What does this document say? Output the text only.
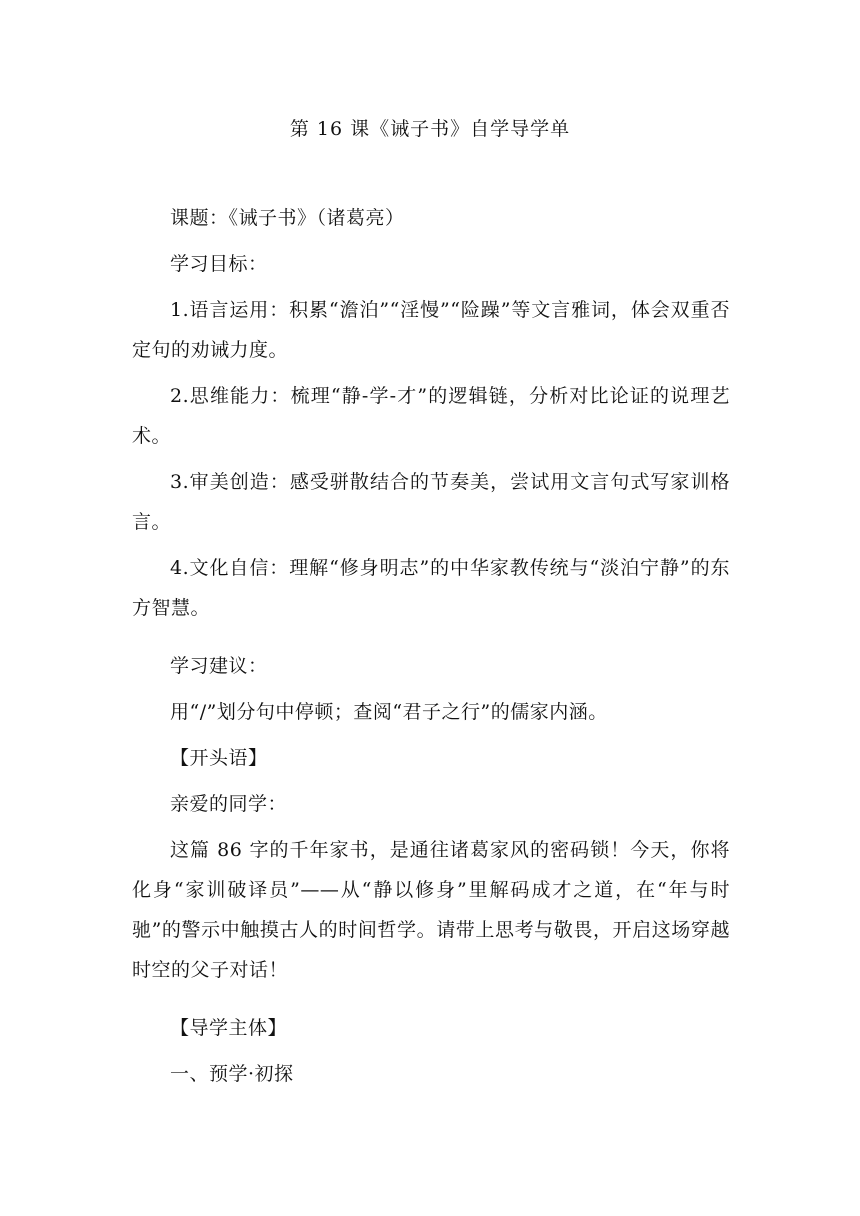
第 16 课《诫子书》自学导学单
课题：《诫子书》（诸葛亮）
学习目标：
1.语言运用：积累“澹泊”“淫慢”“险躁”等文言雅词，体会双重否定句的劝诫力度。
2.思维能力：梳理“静-学-才”的逻辑链，分析对比论证的说理艺术。
3.审美创造：感受骈散结合的节奏美，尝试用文言句式写家训格言。
4.文化自信：理解“修身明志”的中华家教传统与“淡泊宁静”的东方智慧。
学习建议：
用“/”划分句中停顿；查阅“君子之行”的儒家内涵。
【开头语】
亲爱的同学：
这篇 86 字的千年家书，是通往诸葛家风的密码锁！今天，你将化身“家训破译员”——从“静以修身”里解码成才之道，在“年与时驰”的警示中触摸古人的时间哲学。请带上思考与敬畏，开启这场穿越时空的父子对话！
【导学主体】
一、预学·初探
